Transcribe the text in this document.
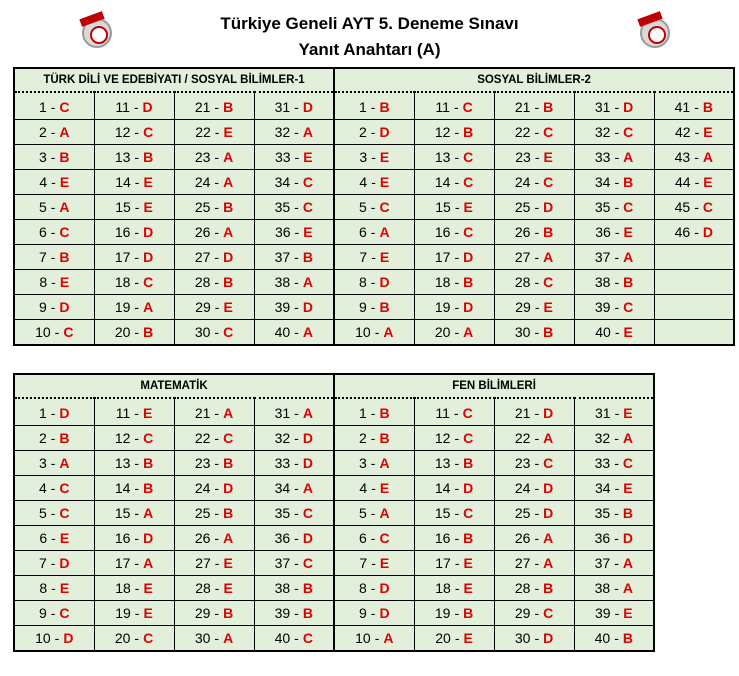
Türkiye Geneli AYT 5. Deneme Sınavı
Yanıt Anahtarı (A)
TÜRK DİLİ VE EDEBİYATI / SOSYAL BİLİMLER-1				SOSYAL BİLİMLER-2				

1 - C	11 - D	21 - B	31 - D	1 - B	11 - C	21 - B	31 - D	41 - B

2 - A	12 - C	22 - E	32 - A	2 - D	12 - B	22 - C	32 - C	42 - E

3 - B	13 - B	23 - A	33 - E	3 - E	13 - C	23 - E	33 - A	43 - A

4 - E	14 - E	24 - A	34 - C	4 - E	14 - C	24 - C	34 - B	44 - E

5 - A	15 - E	25 - B	35 - C	5 - C	15 - E	25 - D	35 - C	45 - C

6 - C	16 - D	26 - A	36 - E	6 - A	16 - C	26 - B	36 - E	46 - D

7 - B	17 - D	27 - D	37 - B	7 - E	17 - D	27 - A	37 - A	

8 - E	18 - C	28 - B	38 - A	8 - D	18 - B	28 - C	38 - B	

9 - D	19 - A	29 - E	39 - D	9 - B	19 - D	29 - E	39 - C	

10 - C	20 - B	30 - C	40 - A	10 - A	20 - A	30 - B	40 - E	

MATEMATİK				FEN BİLİMLERİ			

1 - D	11 - E	21 - A	31 - A	1 - B	11 - C	21 - D	31 - E

2 - B	12 - C	22 - C	32 - D	2 - B	12 - C	22 - A	32 - A

3 - A	13 - B	23 - B	33 - D	3 - A	13 - B	23 - C	33 - C

4 - C	14 - B	24 - D	34 - A	4 - E	14 - D	24 - D	34 - E

5 - C	15 - A	25 - B	35 - C	5 - A	15 - C	25 - D	35 - B

6 - E	16 - D	26 - A	36 - D	6 - C	16 - B	26 - A	36 - D

7 - D	17 - A	27 - E	37 - C	7 - E	17 - E	27 - A	37 - A

8 - E	18 - E	28 - E	38 - B	8 - D	18 - E	28 - B	38 - A

9 - C	19 - E	29 - B	39 - B	9 - D	19 - B	29 - C	39 - E

10 - D	20 - C	30 - A	40 - C	10 - A	20 - E	30 - D	40 - B
